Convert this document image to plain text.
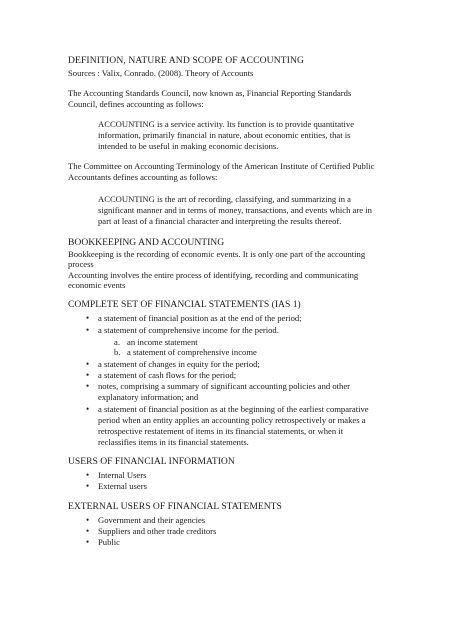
DEFINITION, NATURE AND SCOPE OF ACCOUNTING
Sources : Valix, Conrado. (2008). Theory of Accounts
The Accounting Standards Council, now known as, Financial Reporting Standards
Council, defines accounting as follows:
ACCOUNTING is a service activity. Its function is to provide quantitative
information, primarily financial in nature, about economic entities, that is
intended to be useful in making economic decisions.
The Committee on Accounting Terminology of the American Institute of Certified Public
Accountants defines accounting as follows:
ACCOUNTING is the art of recording, classifying, and summarizing in a
significant manner and in terms of money, transactions, and events which are in
part at least of a financial character and interpreting the results thereof.
BOOKKEEPING AND ACCOUNTING
Bookkeeping is the recording of economic events. It is only one part of the accounting
process
Accounting involves the entire process of identifying, recording and communicating
economic events
COMPLETE SET OF FINANCIAL STATEMENTS (IAS 1)
• a statement of financial position as at the end of the period;
• a statement of comprehensive income for the period.
a. an income statement
b. a statement of comprehensive income
• a statement of changes in equity for the period;
• a statement of cash flows for the period;
• notes, comprising a summary of significant accounting policies and other
explanatory information; and
• a statement of financial position as at the beginning of the earliest comparative
period when an entity applies an accounting policy retrospectively or makes a
retrospective restatement of items in its financial statements, or when it
reclassifies items in its financial statements.
USERS OF FINANCIAL INFORMATION
• Internal Users
• External users
EXTERNAL USERS OF FINANCIAL STATEMENTS
• Government and their agencies
• Suppliers and other trade creditors
• Public
